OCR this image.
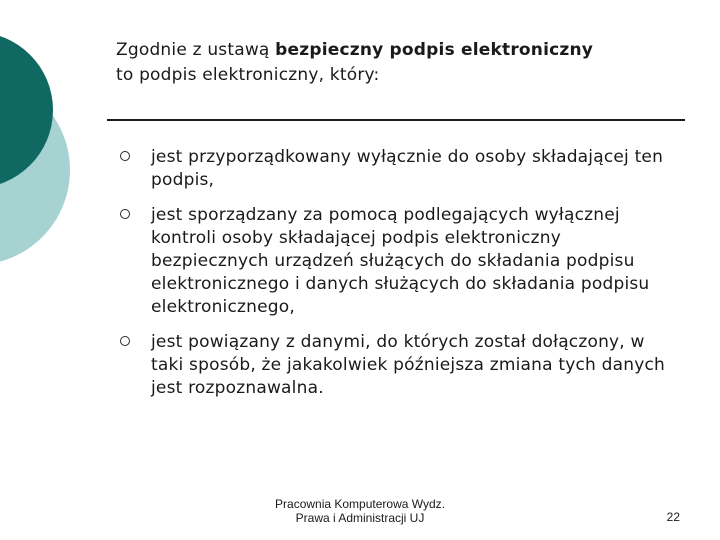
Zgodnie z ustawą bezpieczny podpis elektroniczny
to podpis elektroniczny, który:
jest przyporządkowany wyłącznie do osoby składającej ten podpis,
jest sporządzany za pomocą podlegających wyłącznej kontroli osoby składającej podpis elektroniczny bezpiecznych urządzeń służących do składania podpisu elektronicznego i danych służących do składania podpisu elektronicznego,
jest powiązany z danymi, do których został dołączony, w taki sposób, że jakakolwiek późniejsza zmiana tych danych jest rozpoznawalna.
Pracownia Komputerowa Wydz.
Prawa i Administracji UJ	22
